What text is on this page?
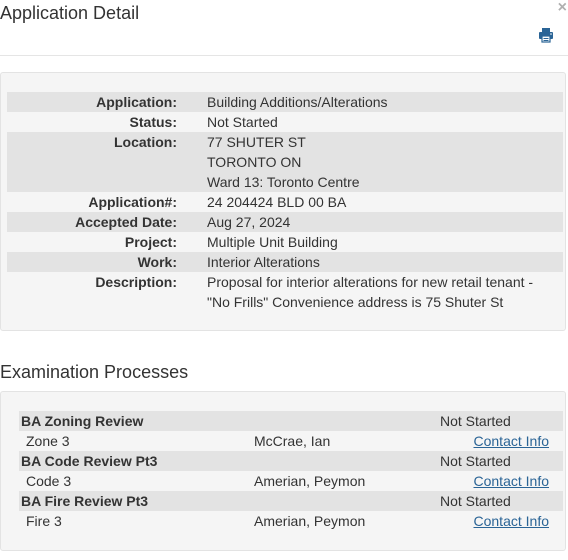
Application Detail	×
Application:	Building Additions/Alterations
Status:	Not Started
Location:	77 SHUTER ST
TORONTO ON
Ward 13: Toronto Centre

Application#:	24 204424 BLD 00 BA
Accepted Date:	Aug 27, 2024
Project:	Multiple Unit Building
Work:	Interior Alterations
Description:	Proposal for interior alterations for new retail tenant -
"No Frills" Convenience address is 75 Shuter St
Examination Processes
BA Zoning Review		Not Started
Zone 3	McCrae, Ian	Contact Info
BA Code Review Pt3		Not Started
Code 3	Amerian, Peymon	Contact Info
BA Fire Review Pt3		Not Started
Fire 3	Amerian, Peymon	Contact Info
